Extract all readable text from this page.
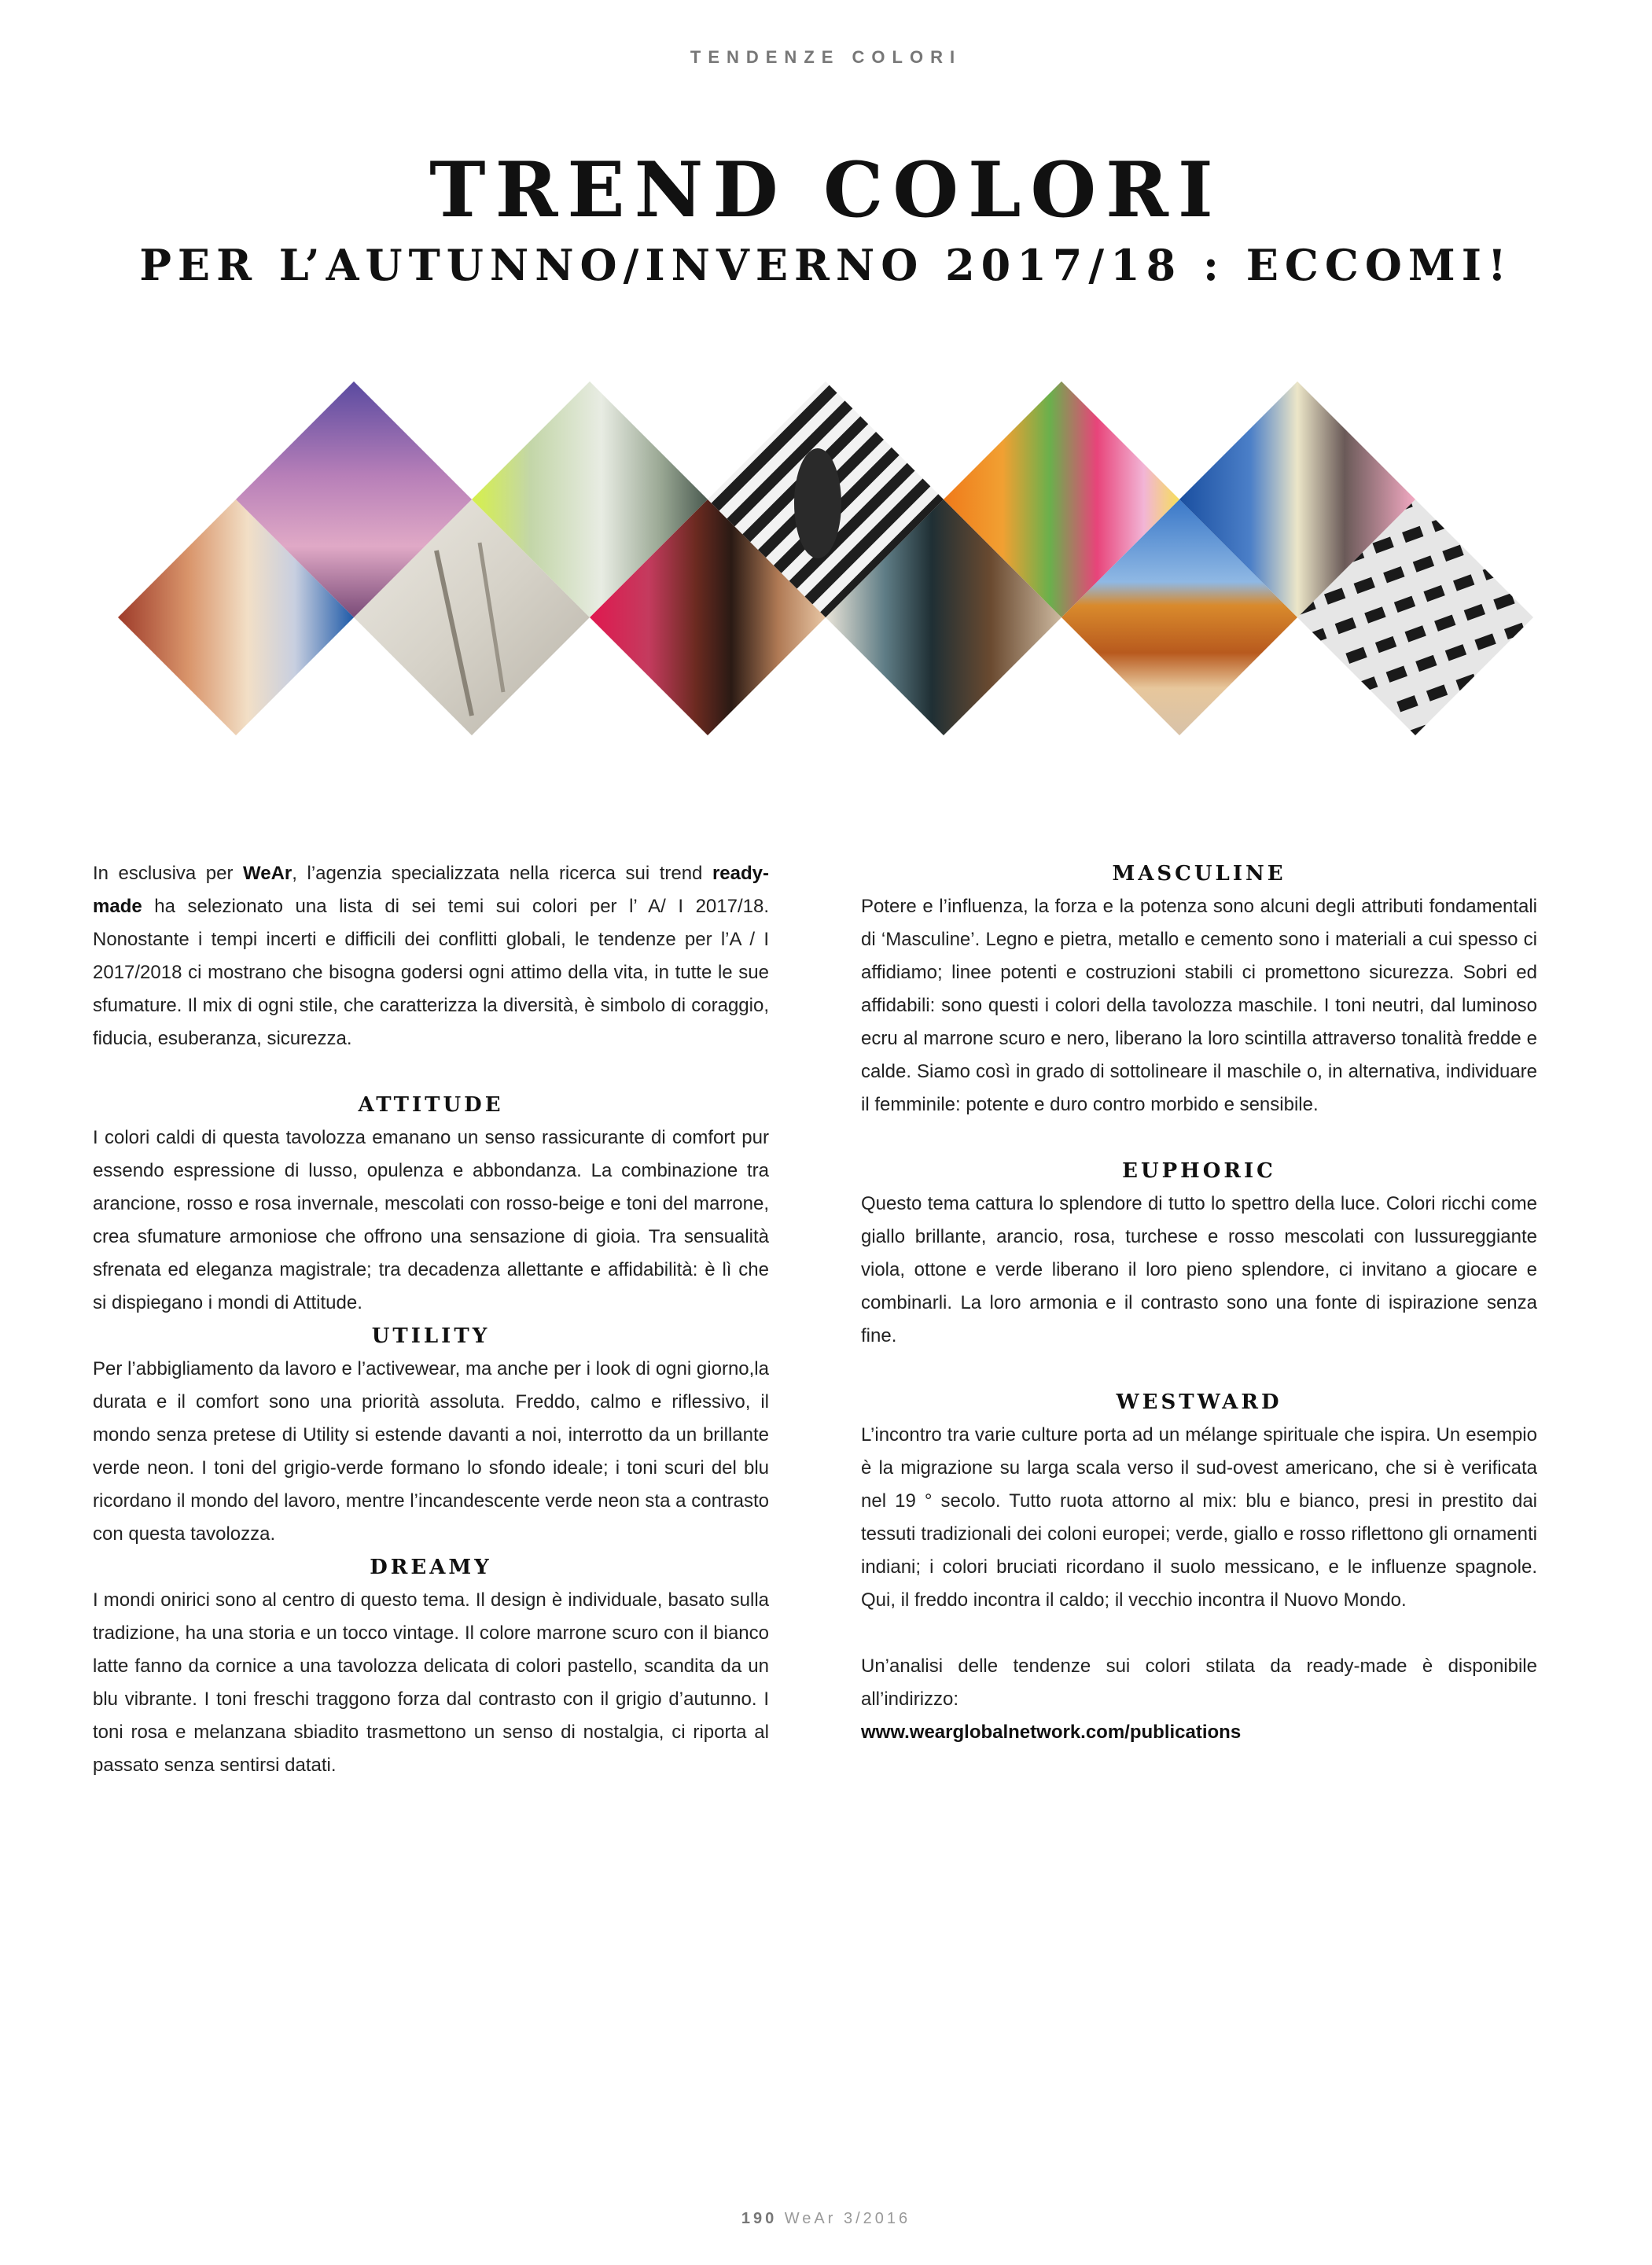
TENDENZE COLORI
TREND COLORI
PER L’AUTUNNO/INVERNO 2017/18 : ECCOMI!

In esclusiva per WeAr, l’agenzia specializzata nella ricerca sui trend ready-made ha selezionato una lista di sei temi sui colori per l’ A/ I 2017/18. Nonostante i tempi incerti e difficili dei conflitti globali, le tendenze per l’A / I 2017/2018 ci mostrano che bisogna godersi ogni attimo della vita, in tutte le sue sfumature. Il mix di ogni stile, che caratterizza la diversità, è simbolo di coraggio, fiducia, esuberanza, sicurezza.

ATTITUDE

I colori caldi di questa tavolozza emanano un senso rassicurante di comfort pur essendo espressione di lusso, opulenza e abbondanza. La combinazione tra arancione, rosso e rosa invernale, mescolati con rosso-beige e toni del marrone, crea sfumature armoniose che offrono una sensazione di gioia. Tra sensualità sfrenata ed eleganza magistrale; tra decadenza allettante e affidabilità: è lì che si dispiegano i mondi di Attitude.

UTILITY

Per l’abbigliamento da lavoro e l’activewear, ma anche per i look di ogni giorno,la durata e il comfort sono una priorità assoluta. Freddo, calmo e riflessivo, il mondo senza pretese di Utility si estende davanti a noi, interrotto da un brillante verde neon. I toni del grigio-verde formano lo sfondo ideale; i toni scuri del blu ricordano il mondo del lavoro, mentre l’incandescente verde neon sta a contrasto con questa tavolozza.

DREAMY

I mondi onirici sono al centro di questo tema. Il design è individuale, basato sulla tradizione, ha una storia e un tocco vintage. Il colore marrone scuro con il bianco latte fanno da cornice a una tavolozza delicata di colori pastello, scandita da un blu vibrante. I toni freschi traggono forza dal contrasto con il grigio d’autunno. I toni rosa e melanzana sbiadito trasmettono un senso di nostalgia, ci riporta al passato senza sentirsi datati.

MASCULINE

Potere e l’influenza, la forza e la potenza sono alcuni degli attributi fondamentali di ‘Masculine’. Legno e pietra, metallo e cemento sono i materiali a cui spesso ci affidiamo; linee potenti e costruzioni stabili ci promettono sicurezza. Sobri ed affidabili: sono questi i colori della tavolozza maschile. I toni neutri, dal luminoso ecru al marrone scuro e nero, liberano la loro scintilla attraverso tonalità fredde e calde. Siamo così in grado di sottolineare il maschile o, in alternativa, individuare il femminile: potente e duro contro morbido e sensibile.

EUPHORIC

Questo tema cattura lo splendore di tutto lo spettro della luce. Colori ricchi come giallo brillante, arancio, rosa, turchese e rosso mescolati con lussureggiante viola, ottone e verde liberano il loro pieno splendore, ci invitano a giocare e combinarli. La loro armonia e il contrasto sono una fonte di ispirazione senza fine.

WESTWARD

L’incontro tra varie culture porta ad un mélange spirituale che ispira. Un esempio è la migrazione su larga scala verso il sud-ovest americano, che si è verificata nel 19 ° secolo. Tutto ruota attorno al mix: blu e bianco, presi in prestito dai tessuti tradizionali dei coloni europei; verde, giallo e rosso riflettono gli ornamenti indiani; i colori bruciati ricordano il suolo messicano, e le influenze spagnole. Qui, il freddo incontra il caldo; il vecchio incontra il Nuovo Mondo.

Un’analisi delle tendenze sui colori stilata da ready-made è disponibile all’indirizzo:
www.wearglobalnetwork.com/publications

190 WeAr 3/2016
